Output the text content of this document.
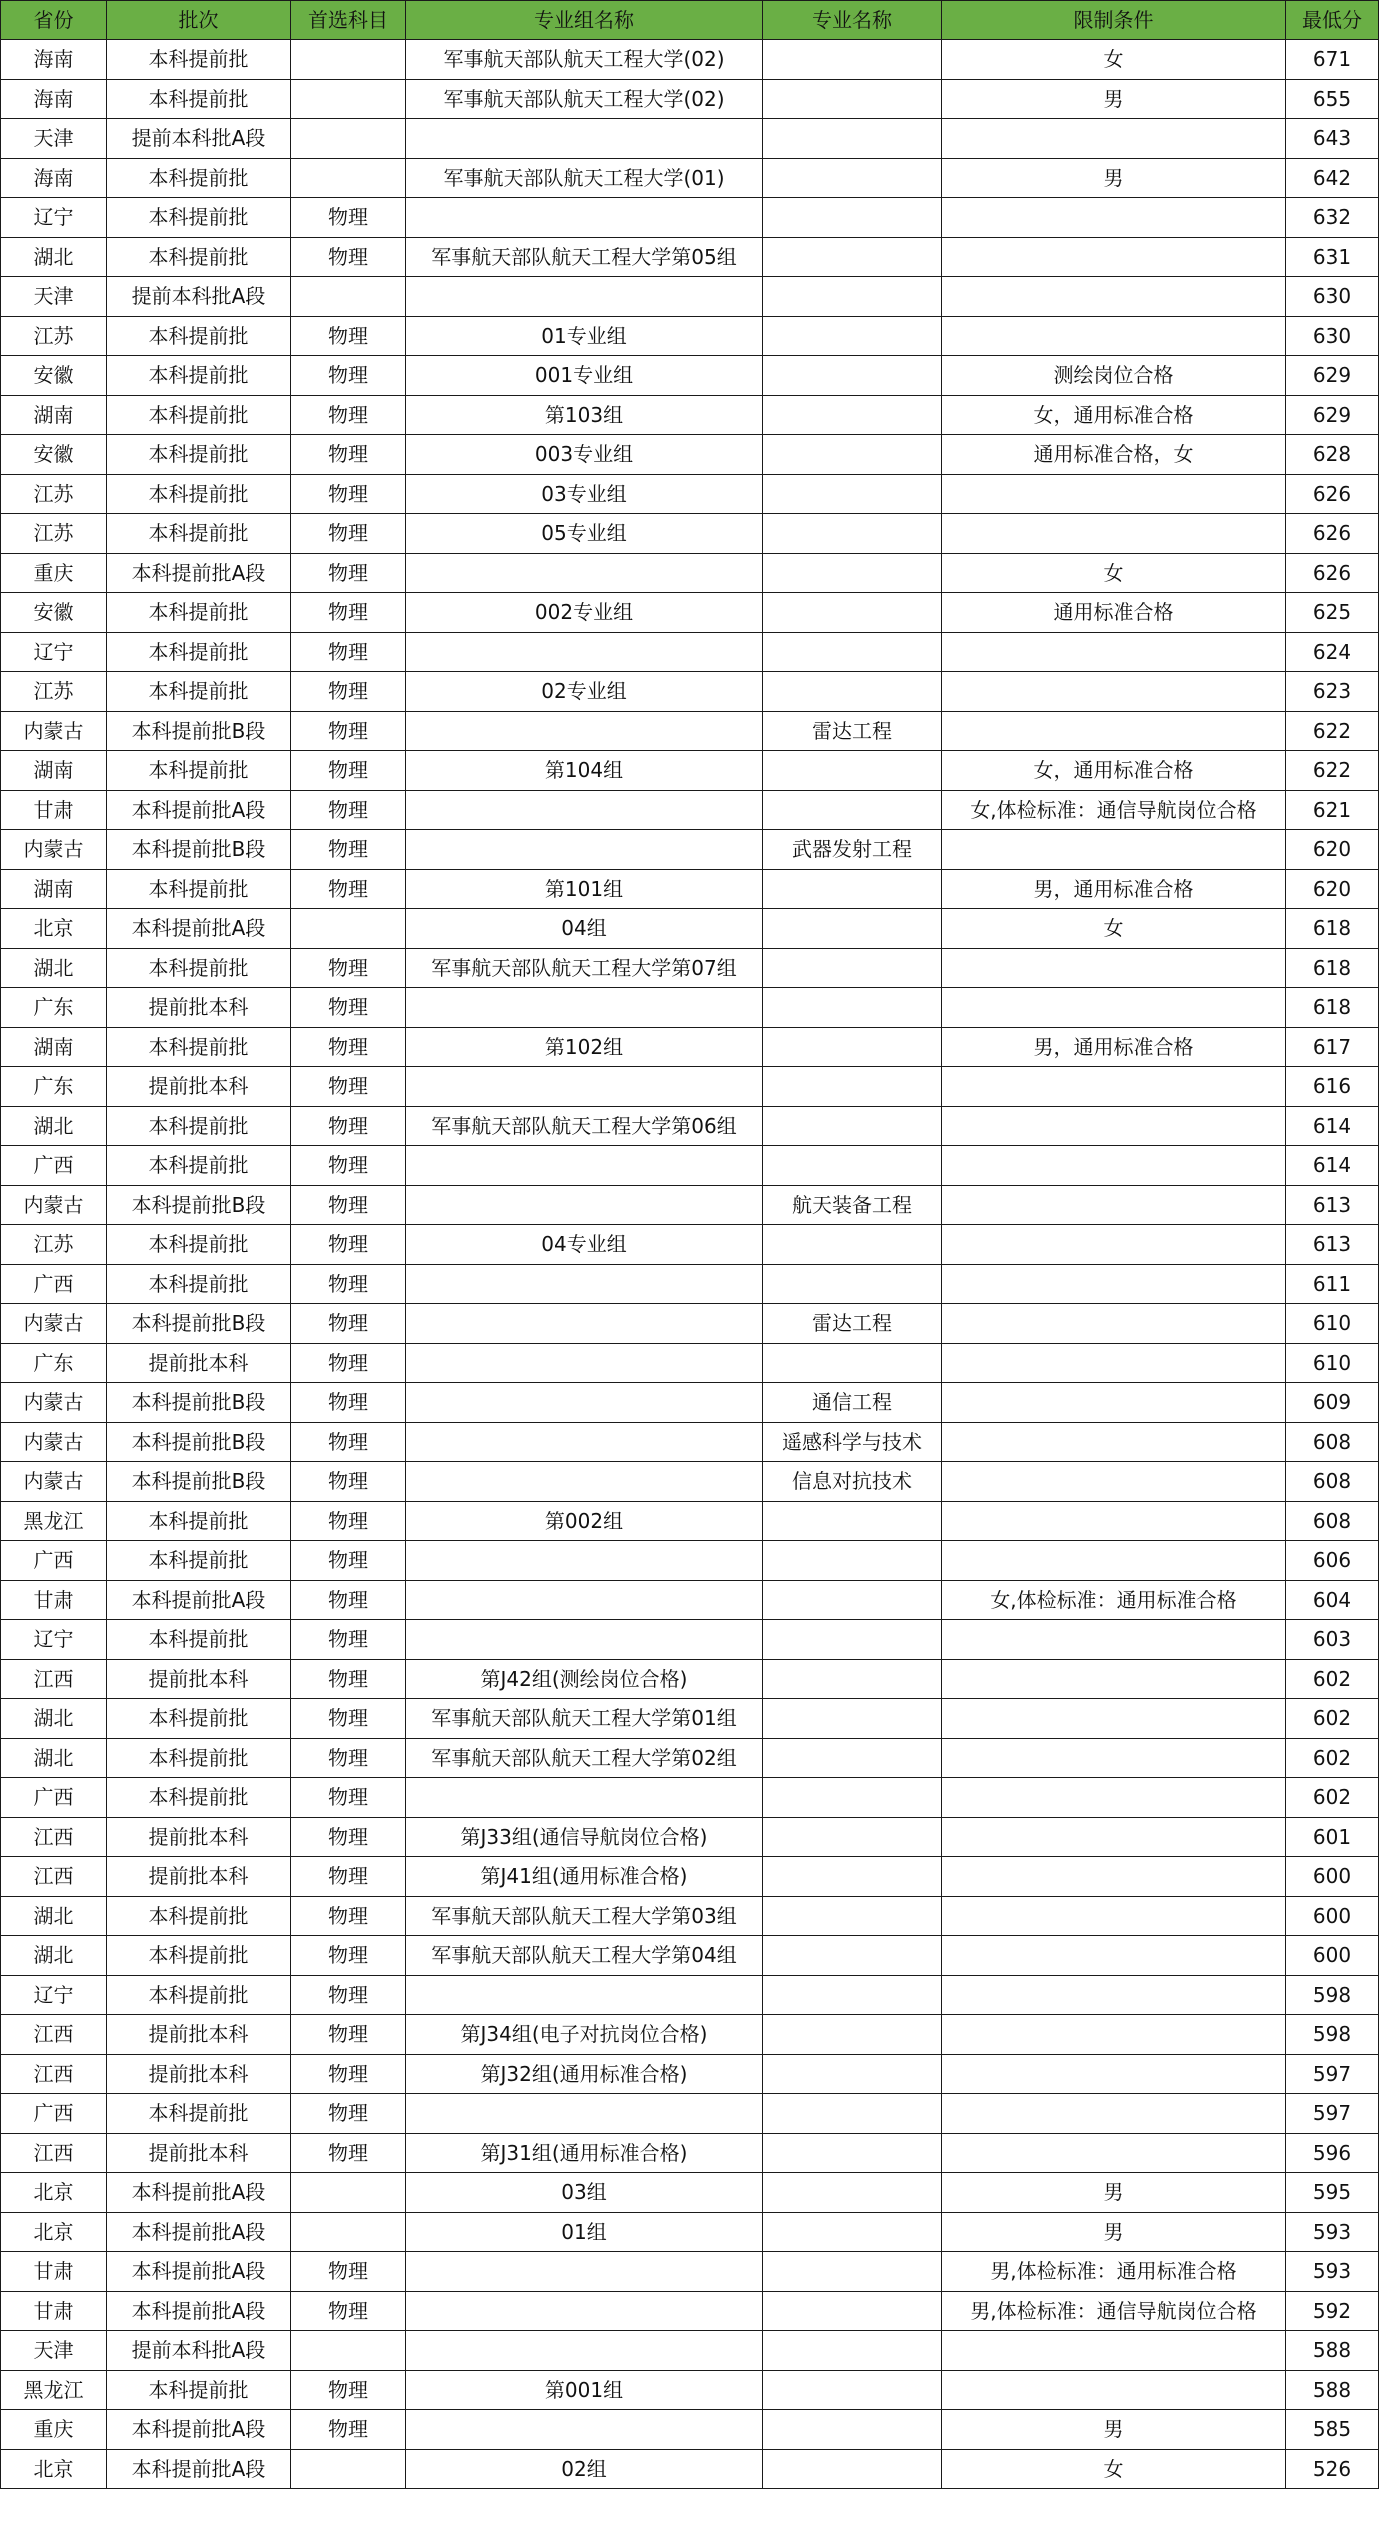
省份	批次	首选科目	专业组名称	专业名称	限制条件	最低分
海南	本科提前批		军事航天部队航天工程大学(02)		女	671
海南	本科提前批		军事航天部队航天工程大学(02)		男	655
天津	提前本科批A段					643
海南	本科提前批		军事航天部队航天工程大学(01)		男	642
辽宁	本科提前批	物理				632
湖北	本科提前批	物理	军事航天部队航天工程大学第05组			631
天津	提前本科批A段					630
江苏	本科提前批	物理	01专业组			630
安徽	本科提前批	物理	001专业组		测绘岗位合格	629
湖南	本科提前批	物理	第103组		女，通用标准合格	629
安徽	本科提前批	物理	003专业组		通用标准合格，女	628
江苏	本科提前批	物理	03专业组			626
江苏	本科提前批	物理	05专业组			626
重庆	本科提前批A段	物理			女	626
安徽	本科提前批	物理	002专业组		通用标准合格	625
辽宁	本科提前批	物理				624
江苏	本科提前批	物理	02专业组			623
内蒙古	本科提前批B段	物理		雷达工程		622
湖南	本科提前批	物理	第104组		女，通用标准合格	622
甘肃	本科提前批A段	物理			女,体检标准：通信导航岗位合格	621
内蒙古	本科提前批B段	物理		武器发射工程		620
湖南	本科提前批	物理	第101组		男，通用标准合格	620
北京	本科提前批A段		04组		女	618
湖北	本科提前批	物理	军事航天部队航天工程大学第07组			618
广东	提前批本科	物理				618
湖南	本科提前批	物理	第102组		男，通用标准合格	617
广东	提前批本科	物理				616
湖北	本科提前批	物理	军事航天部队航天工程大学第06组			614
广西	本科提前批	物理				614
内蒙古	本科提前批B段	物理		航天装备工程		613
江苏	本科提前批	物理	04专业组			613
广西	本科提前批	物理				611
内蒙古	本科提前批B段	物理		雷达工程		610
广东	提前批本科	物理				610
内蒙古	本科提前批B段	物理		通信工程		609
内蒙古	本科提前批B段	物理		遥感科学与技术		608
内蒙古	本科提前批B段	物理		信息对抗技术		608
黑龙江	本科提前批	物理	第002组			608
广西	本科提前批	物理				606
甘肃	本科提前批A段	物理			女,体检标准：通用标准合格	604
辽宁	本科提前批	物理				603
江西	提前批本科	物理	第J42组(测绘岗位合格)			602
湖北	本科提前批	物理	军事航天部队航天工程大学第01组			602
湖北	本科提前批	物理	军事航天部队航天工程大学第02组			602
广西	本科提前批	物理				602
江西	提前批本科	物理	第J33组(通信导航岗位合格)			601
江西	提前批本科	物理	第J41组(通用标准合格)			600
湖北	本科提前批	物理	军事航天部队航天工程大学第03组			600
湖北	本科提前批	物理	军事航天部队航天工程大学第04组			600
辽宁	本科提前批	物理				598
江西	提前批本科	物理	第J34组(电子对抗岗位合格)			598
江西	提前批本科	物理	第J32组(通用标准合格)			597
广西	本科提前批	物理				597
江西	提前批本科	物理	第J31组(通用标准合格)			596
北京	本科提前批A段		03组		男	595
北京	本科提前批A段		01组		男	593
甘肃	本科提前批A段	物理			男,体检标准：通用标准合格	593
甘肃	本科提前批A段	物理			男,体检标准：通信导航岗位合格	592
天津	提前本科批A段					588
黑龙江	本科提前批	物理	第001组			588
重庆	本科提前批A段	物理			男	585
北京	本科提前批A段		02组		女	526
